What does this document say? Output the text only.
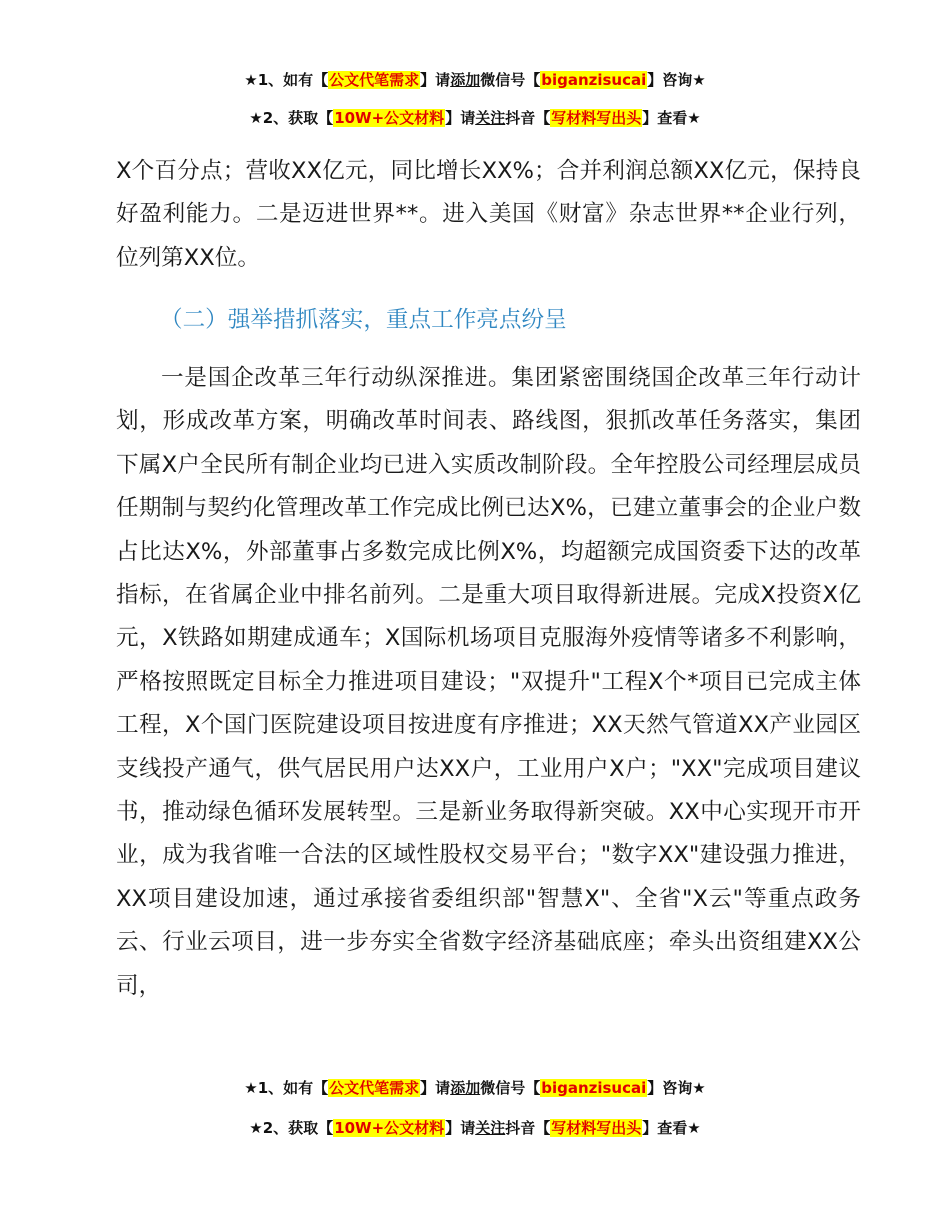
★1、如有【公文代笔需求】请添加微信号【biganzisucai】咨询★
★2、获取【10W+公文材料】请关注抖音【写材料写出头】查看★
X个百分点；营收XX亿元，同比增长XX%；合并利润总额XX亿元，保持良好盈利能力。二是迈进世界**。进入美国《财富》杂志世界**企业行列，位列第XX位。
（二）强举措抓落实，重点工作亮点纷呈
一是国企改革三年行动纵深推进。集团紧密围绕国企改革三年行动计划，形成改革方案，明确改革时间表、路线图，狠抓改革任务落实，集团下属X户全民所有制企业均已进入实质改制阶段。全年控股公司经理层成员任期制与契约化管理改革工作完成比例已达X%，已建立董事会的企业户数占比达X%，外部董事占多数完成比例X%，均超额完成国资委下达的改革指标，在省属企业中排名前列。二是重大项目取得新进展。完成X投资X亿元，X铁路如期建成通车；X国际机场项目克服海外疫情等诸多不利影响，严格按照既定目标全力推进项目建设；"双提升"工程X个*项目已完成主体工程，X个国门医院建设项目按进度有序推进；XX天然气管道XX产业园区支线投产通气，供气居民用户达XX户，工业用户X户；"XX"完成项目建议书，推动绿色循环发展转型。三是新业务取得新突破。XX中心实现开市开业，成为我省唯一合法的区域性股权交易平台；"数字XX"建设强力推进，XX项目建设加速，通过承接省委组织部"智慧X"、全省"X云"等重点政务云、行业云项目，进一步夯实全省数字经济基础底座；牵头出资组建XX公司，
★1、如有【公文代笔需求】请添加微信号【biganzisucai】咨询★
★2、获取【10W+公文材料】请关注抖音【写材料写出头】查看★
